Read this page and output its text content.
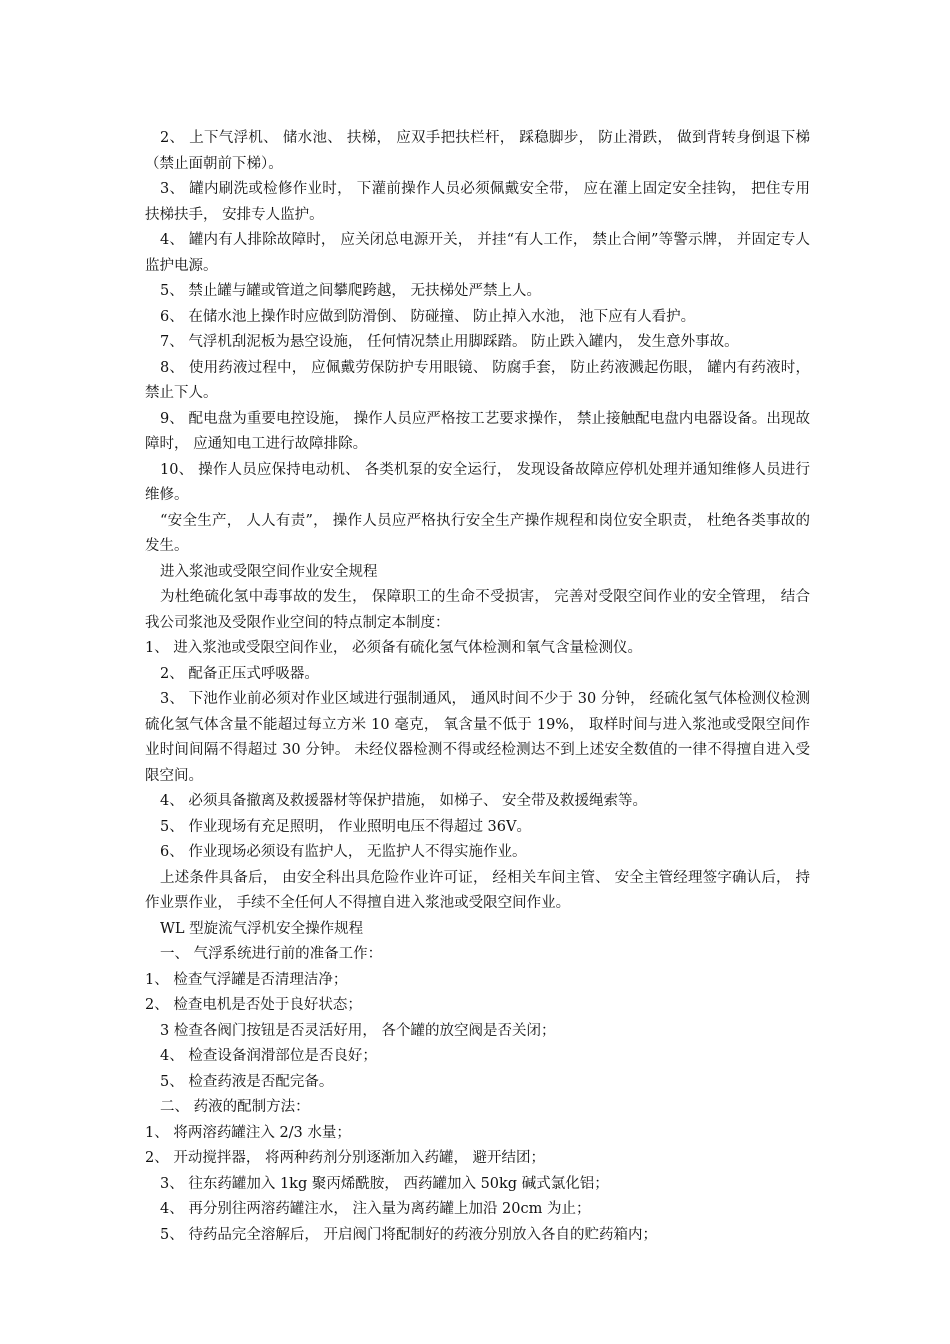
2、 上下气浮机、 储水池、 扶梯， 应双手把扶栏杆， 踩稳脚步， 防止滑跌， 做到背转身倒退下梯（禁止面朝前下梯）。

3、 罐内刷洗或检修作业时， 下灌前操作人员必须佩戴安全带， 应在灌上固定安全挂钩， 把住专用扶梯扶手， 安排专人监护。

4、 罐内有人排除故障时， 应关闭总电源开关， 并挂“有人工作， 禁止合闸”等警示牌， 并固定专人监护电源。

5、 禁止罐与罐或管道之间攀爬跨越， 无扶梯处严禁上人。

6、 在储水池上操作时应做到防滑倒、 防碰撞、 防止掉入水池， 池下应有人看护。

7、 气浮机刮泥板为悬空设施， 任何情况禁止用脚踩踏。 防止跌入罐内， 发生意外事故。

8、 使用药液过程中， 应佩戴劳保防护专用眼镜、 防腐手套， 防止药液溅起伤眼， 罐内有药液时， 禁止下人。

9、 配电盘为重要电控设施， 操作人员应严格按工艺要求操作， 禁止接触配电盘内电器设备。出现故障时， 应通知电工进行故障排除。

10、 操作人员应保持电动机、 各类机泵的安全运行， 发现设备故障应停机处理并通知维修人员进行维修。

“安全生产， 人人有责”， 操作人员应严格执行安全生产操作规程和岗位安全职责， 杜绝各类事故的发生。

进入浆池或受限空间作业安全规程

为杜绝硫化氢中毒事故的发生， 保障职工的生命不受损害， 完善对受限空间作业的安全管理， 结合我公司浆池及受限作业空间的特点制定本制度：

1、 进入浆池或受限空间作业， 必须备有硫化氢气体检测和氧气含量检测仪。

2、 配备正压式呼吸器。

3、 下池作业前必须对作业区域进行强制通风， 通风时间不少于 30 分钟， 经硫化氢气体检测仪检测硫化氢气体含量不能超过每立方米 10 毫克， 氧含量不低于 19%， 取样时间与进入浆池或受限空间作业时间间隔不得超过 30 分钟。 未经仪器检测不得或经检测达不到上述安全数值的一律不得擅自进入受限空间。

4、 必须具备撤离及救援器材等保护措施， 如梯子、 安全带及救援绳索等。

5、 作业现场有充足照明， 作业照明电压不得超过 36V。

6、 作业现场必须设有监护人， 无监护人不得实施作业。

上述条件具备后， 由安全科出具危险作业许可证， 经相关车间主管、 安全主管经理签字确认后， 持作业票作业， 手续不全任何人不得擅自进入浆池或受限空间作业。

WL 型旋流气浮机安全操作规程

一、 气浮系统进行前的准备工作：

1、 检查气浮罐是否清理洁净；

2、 检查电机是否处于良好状态；

3 检查各阀门按钮是否灵活好用， 各个罐的放空阀是否关闭；

4、 检查设备润滑部位是否良好；

5、 检查药液是否配完备。

二、 药液的配制方法：

1、 将两溶药罐注入 2/3 水量；

2、 开动搅拌器， 将两种药剂分别逐渐加入药罐， 避开结团；

3、 往东药罐加入 1kg 聚丙烯酰胺， 西药罐加入 50kg 碱式氯化铝；

4、 再分别往两溶药罐注水， 注入量为离药罐上加沿 20cm 为止；

5、 待药品完全溶解后， 开启阀门将配制好的药液分别放入各自的贮药箱内；
